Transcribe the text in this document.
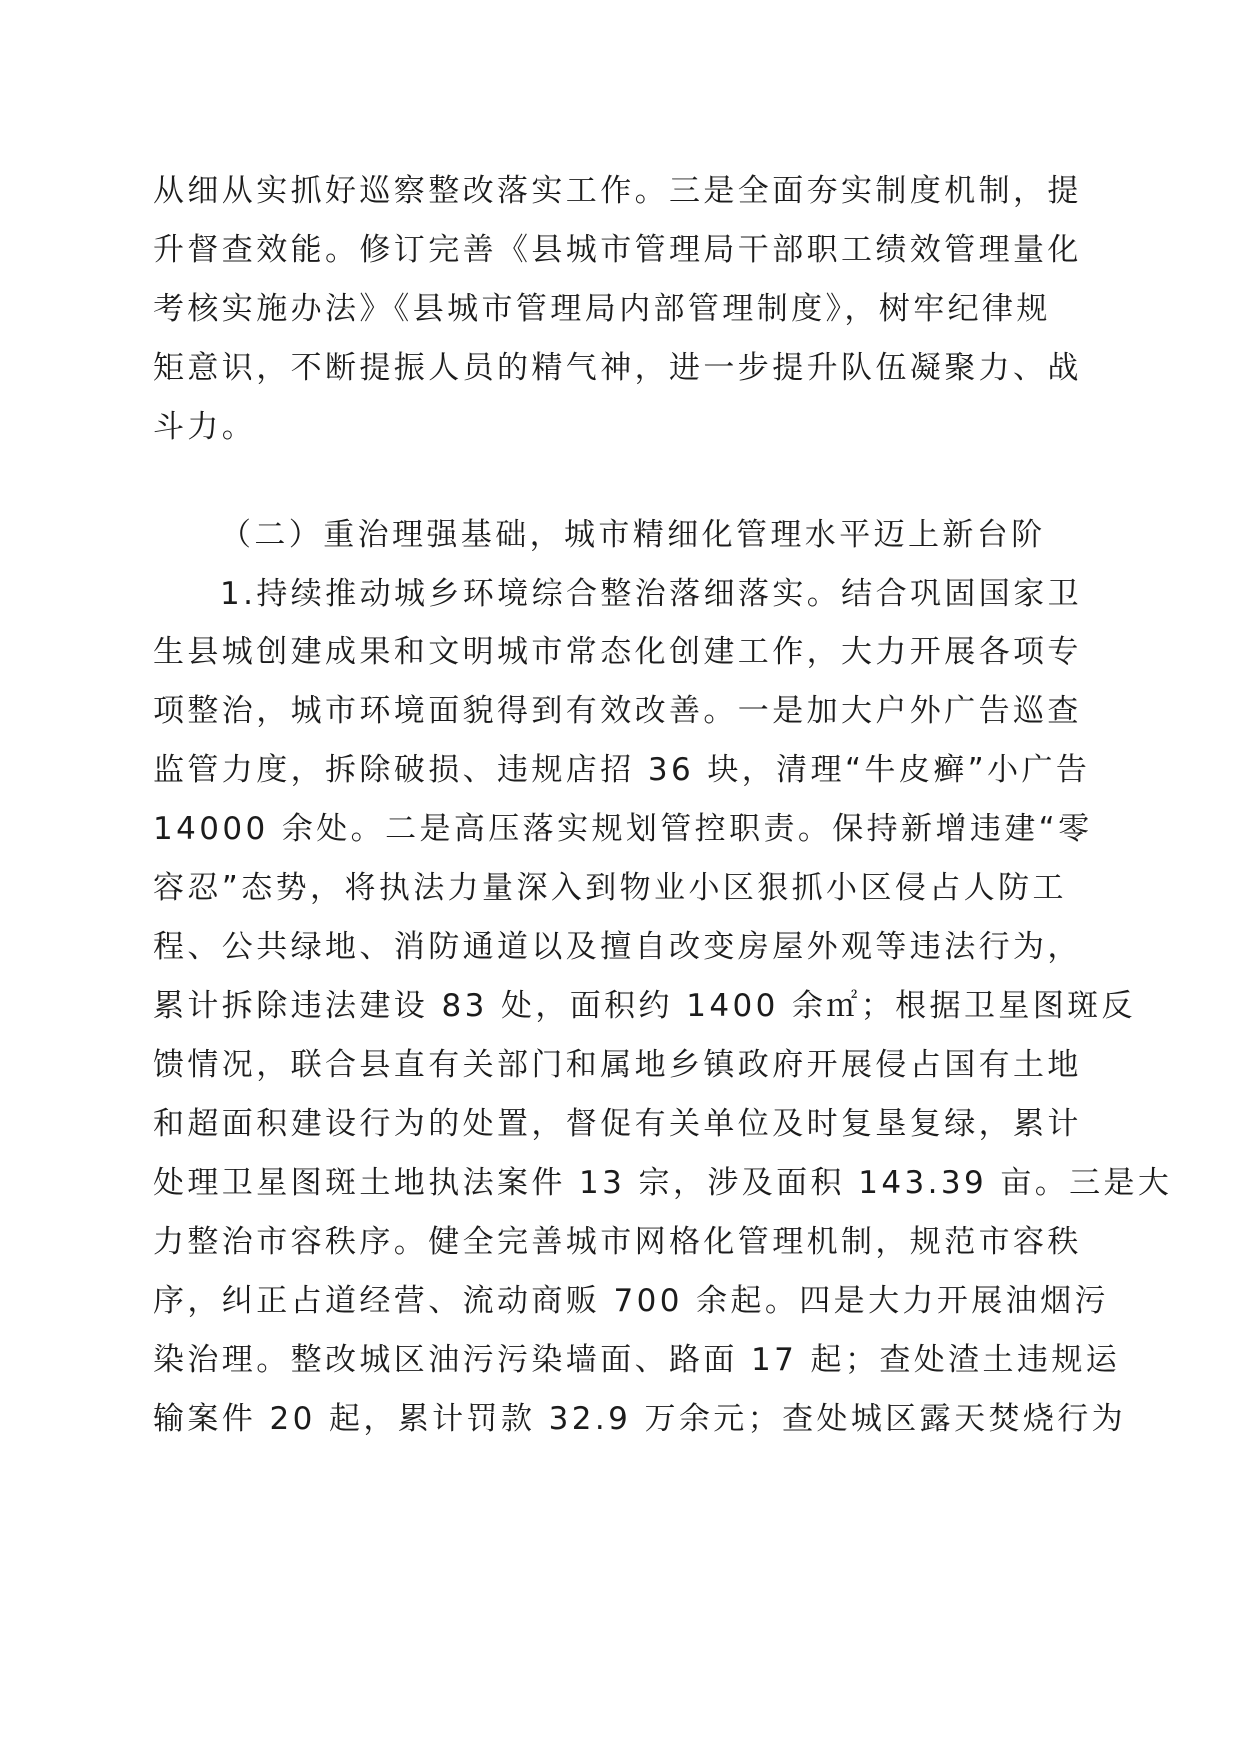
从细从实抓好巡察整改落实工作。三是全面夯实制度机制，提
升督查效能。修订完善《县城市管理局干部职工绩效管理量化
考核实施办法》《县城市管理局内部管理制度》，树牢纪律规
矩意识，不断提振人员的精气神，进一步提升队伍凝聚力、战
斗力。
（二）重治理强基础，城市精细化管理水平迈上新台阶
1.持续推动城乡环境综合整治落细落实。结合巩固国家卫
生县城创建成果和文明城市常态化创建工作，大力开展各项专
项整治，城市环境面貌得到有效改善。一是加大户外广告巡查
监管力度，拆除破损、违规店招 36 块，清理“牛皮癣”小广告
14000 余处。二是高压落实规划管控职责。保持新增违建“零
容忍”态势，将执法力量深入到物业小区狠抓小区侵占人防工
程、公共绿地、消防通道以及擅自改变房屋外观等违法行为，
累计拆除违法建设 83 处，面积约 1400 余㎡；根据卫星图斑反
馈情况，联合县直有关部门和属地乡镇政府开展侵占国有土地
和超面积建设行为的处置，督促有关单位及时复垦复绿，累计
处理卫星图斑土地执法案件 13 宗，涉及面积 143.39 亩。三是大
力整治市容秩序。健全完善城市网格化管理机制，规范市容秩
序，纠正占道经营、流动商贩 700 余起。四是大力开展油烟污
染治理。整改城区油污污染墙面、路面 17 起；查处渣土违规运
输案件 20 起，累计罚款 32.9 万余元；查处城区露天焚烧行为
